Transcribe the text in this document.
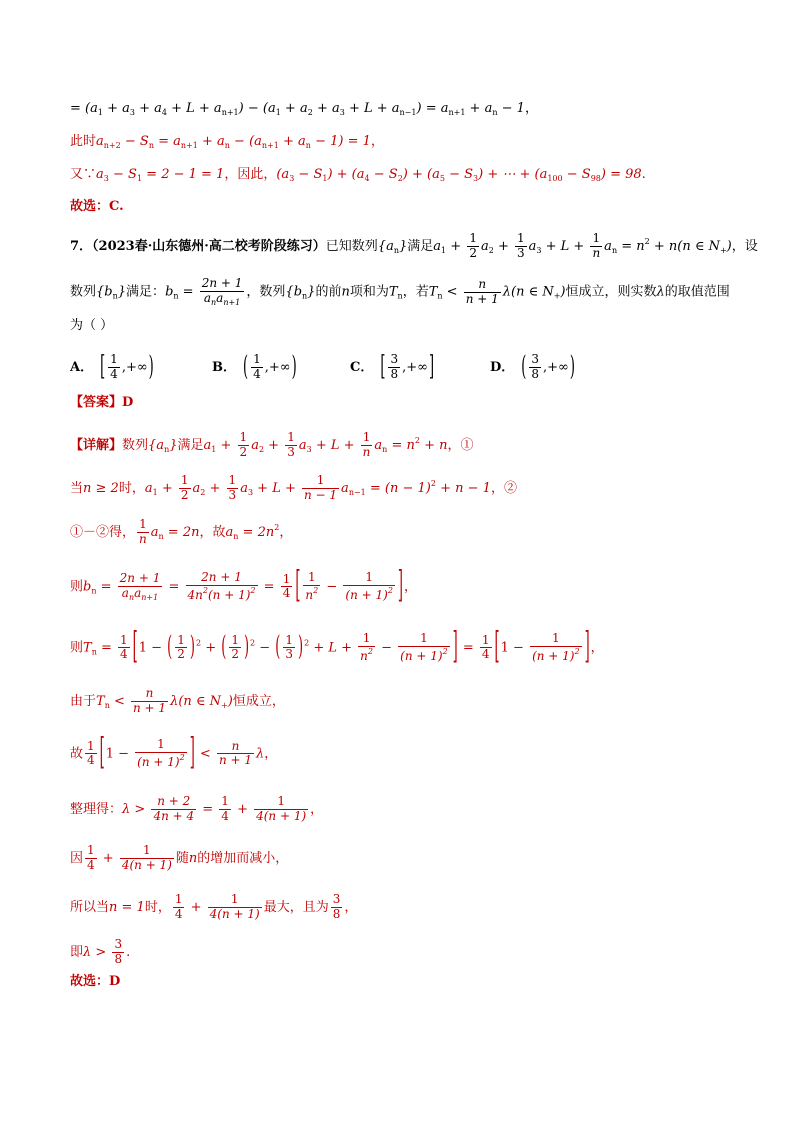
= $(a_1 + a_3 + a_4 + L + a_{n+1}) - (a_1 + a_2 + a_3 + L + a_{n-1}) = a_{n+1} + a_n - 1$，
此时$a_{n+2} - S_n = a_{n+1} + a_n - (a_{n+1} + a_n - 1) = 1$，
又$\because a_3 - S_1 = 2 - 1 = 1$，因此，$(a_3 - S_1) + (a_4 - S_2) + (a_5 - S_3)$ + ⋯ + $(a_{100} - S_{98}) = 98$.
故选：C.
7．（2023春·山东德州·高二校考阶段练习）已知数列$\{a_n\}$满足$a_1 + \frac{1}{2} a_2 + \frac{1}{3} a_3 + L + \frac{1}{n} a_n = n^2 + n(n$ ∈ $N_+$)，设
数列$\{b_n\}$满足：$b_n = \frac{2n + 1}{a_na_{n+1}}$ ，数列$\{b_n\}$的前n项和为$T_n$，若$T_n < \frac{n}{n + 1} \lambda(n$ ∈ $N_+$)恒成立，则实数λ的取值范围
为（ ）
A． [ $\frac{1}{4}$ ,+∞)	B． ( $\frac{1}{4}$ ,+∞)	C． [ $\frac{3}{8}$ ,+∞]	D． ( $\frac{3}{8}$ ,+∞)
【答案】D
【详解】数列$\{a_n\}$满足$a_1 + \frac{1}{2} a_2 + \frac{1}{3} a_3 + L + \frac{1}{n} a_n = n^2 + n$，①
当n ≥ 2时，$a_1 + \frac{1}{2} a_2 + \frac{1}{3} a_3 + L + \frac{1}{n - 1} a_{n-1} = (n - 1)^2 + n - 1$，②
①－②得， $\frac{1}{n} a_n = 2n$，故$a_n = 2n^2$，
则$b_n = \frac{2n + 1}{a_na_{n+1}} = \frac{2n + 1}{4n^2(n + 1)^2} = \frac{1}{4}$ [ $\frac{1}{n^2} - \frac{1}{(n + 1)^2}$ ]，
则$T_n = \frac{1}{4} [1$ − ( $\frac{1}{2} )^2$ + ( $\frac{1}{2} )^2$ − ( $\frac{1}{3} )^2 + L + \frac{1}{n^2} - \frac{1}{(n + 1)^2}$ ] = $\frac{1}{4} [1 - \frac{1}{(n + 1)^2}$ ]，
由于$T_n < \frac{n}{n + 1} \lambda(n$ ∈ $N_+$)恒成立，
故 $\frac{1}{4} [1 - \frac{1}{(n + 1)^2}$ ] < $\frac{n}{n + 1}$ λ，
整理得：$\lambda > \frac{n + 2}{4n + 4} = \frac{1}{4} + \frac{1}{4(n + 1)}$ ，
因 $\frac{1}{4} + \frac{1}{4(n + 1)}$ 随n的增加而减小，
所以当n = 1时， $\frac{1}{4} + \frac{1}{4(n + 1)}$ 最大，且为 $\frac{3}{8}$ ，
即$\lambda > \frac{3}{8}$ .
故选：D
